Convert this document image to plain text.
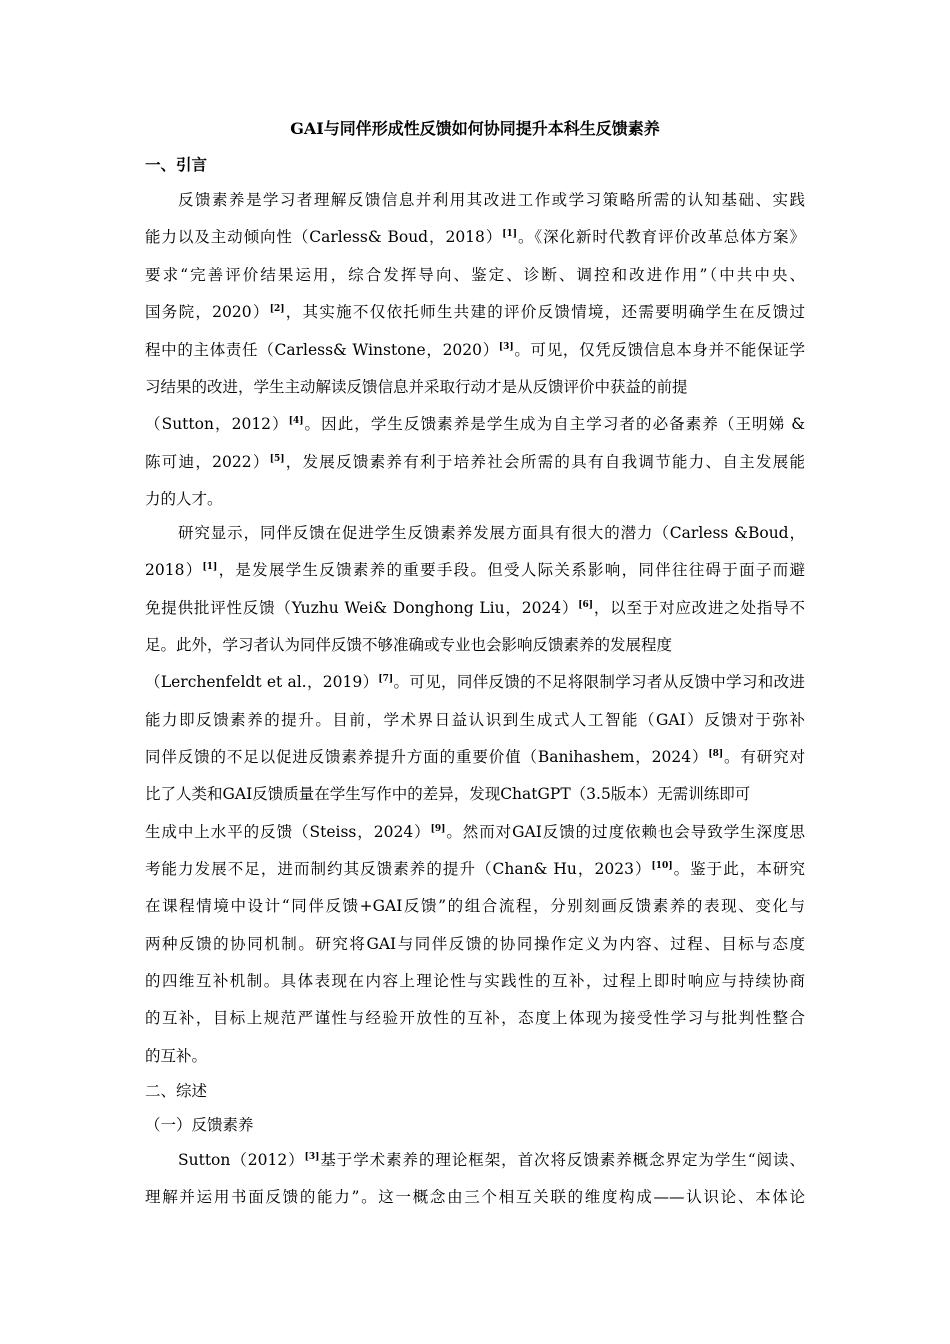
GAI与同伴形成性反馈如何协同提升本科生反馈素养
一、引言
反馈素养是学习者理解反馈信息并利用其改进工作或学习策略所需的认知基础、实践
能力以及主动倾向性（Carless& Boud，2018）[1]。《深化新时代教育评价改革总体方案》
要求“完善评价结果运用，综合发挥导向、鉴定、诊断、调控和改进作用”（中共中央、
国务院，2020）[2]，其实施不仅依托师生共建的评价反馈情境，还需要明确学生在反馈过
程中的主体责任（Carless& Winstone，2020）[3]。可见，仅凭反馈信息本身并不能保证学
习结果的改进，学生主动解读反馈信息并采取行动才是从反馈评价中获益的前提
（Sutton，2012）[4]。因此，学生反馈素养是学生成为自主学习者的必备素养（王明娣 &
陈可迪，2022）[5]，发展反馈素养有利于培养社会所需的具有自我调节能力、自主发展能
力的人才。
研究显示，同伴反馈在促进学生反馈素养发展方面具有很大的潜力（Carless &Boud，
2018）[1]，是发展学生反馈素养的重要手段。但受人际关系影响，同伴往往碍于面子而避
免提供批评性反馈（Yuzhu Wei& Donghong Liu，2024）[6]，以至于对应改进之处指导不
足。此外，学习者认为同伴反馈不够准确或专业也会影响反馈素养的发展程度
（Lerchenfeldt et al.，2019）[7]。可见，同伴反馈的不足将限制学习者从反馈中学习和改进
能力即反馈素养的提升。目前，学术界日益认识到生成式人工智能（GAI）反馈对于弥补
同伴反馈的不足以促进反馈素养提升方面的重要价值（Banihashem，2024）[8]。有研究对
比了人类和GAI反馈质量在学生写作中的差异，发现ChatGPT（3.5版本）无需训练即可
生成中上水平的反馈（Steiss，2024）[9]。然而对GAI反馈的过度依赖也会导致学生深度思
考能力发展不足，进而制约其反馈素养的提升（Chan& Hu，2023）[10]。鉴于此，本研究
在课程情境中设计“同伴反馈+GAI反馈”的组合流程，分别刻画反馈素养的表现、变化与
两种反馈的协同机制。研究将GAI与同伴反馈的协同操作定义为内容、过程、目标与态度
的四维互补机制。具体表现在内容上理论性与实践性的互补，过程上即时响应与持续协商
的互补，目标上规范严谨性与经验开放性的互补，态度上体现为接受性学习与批判性整合
的互补。
二、综述
（一）反馈素养
Sutton（2012）[3]基于学术素养的理论框架，首次将反馈素养概念界定为学生“阅读、
理解并运用书面反馈的能力”。这一概念由三个相互关联的维度构成——认识论、本体论
